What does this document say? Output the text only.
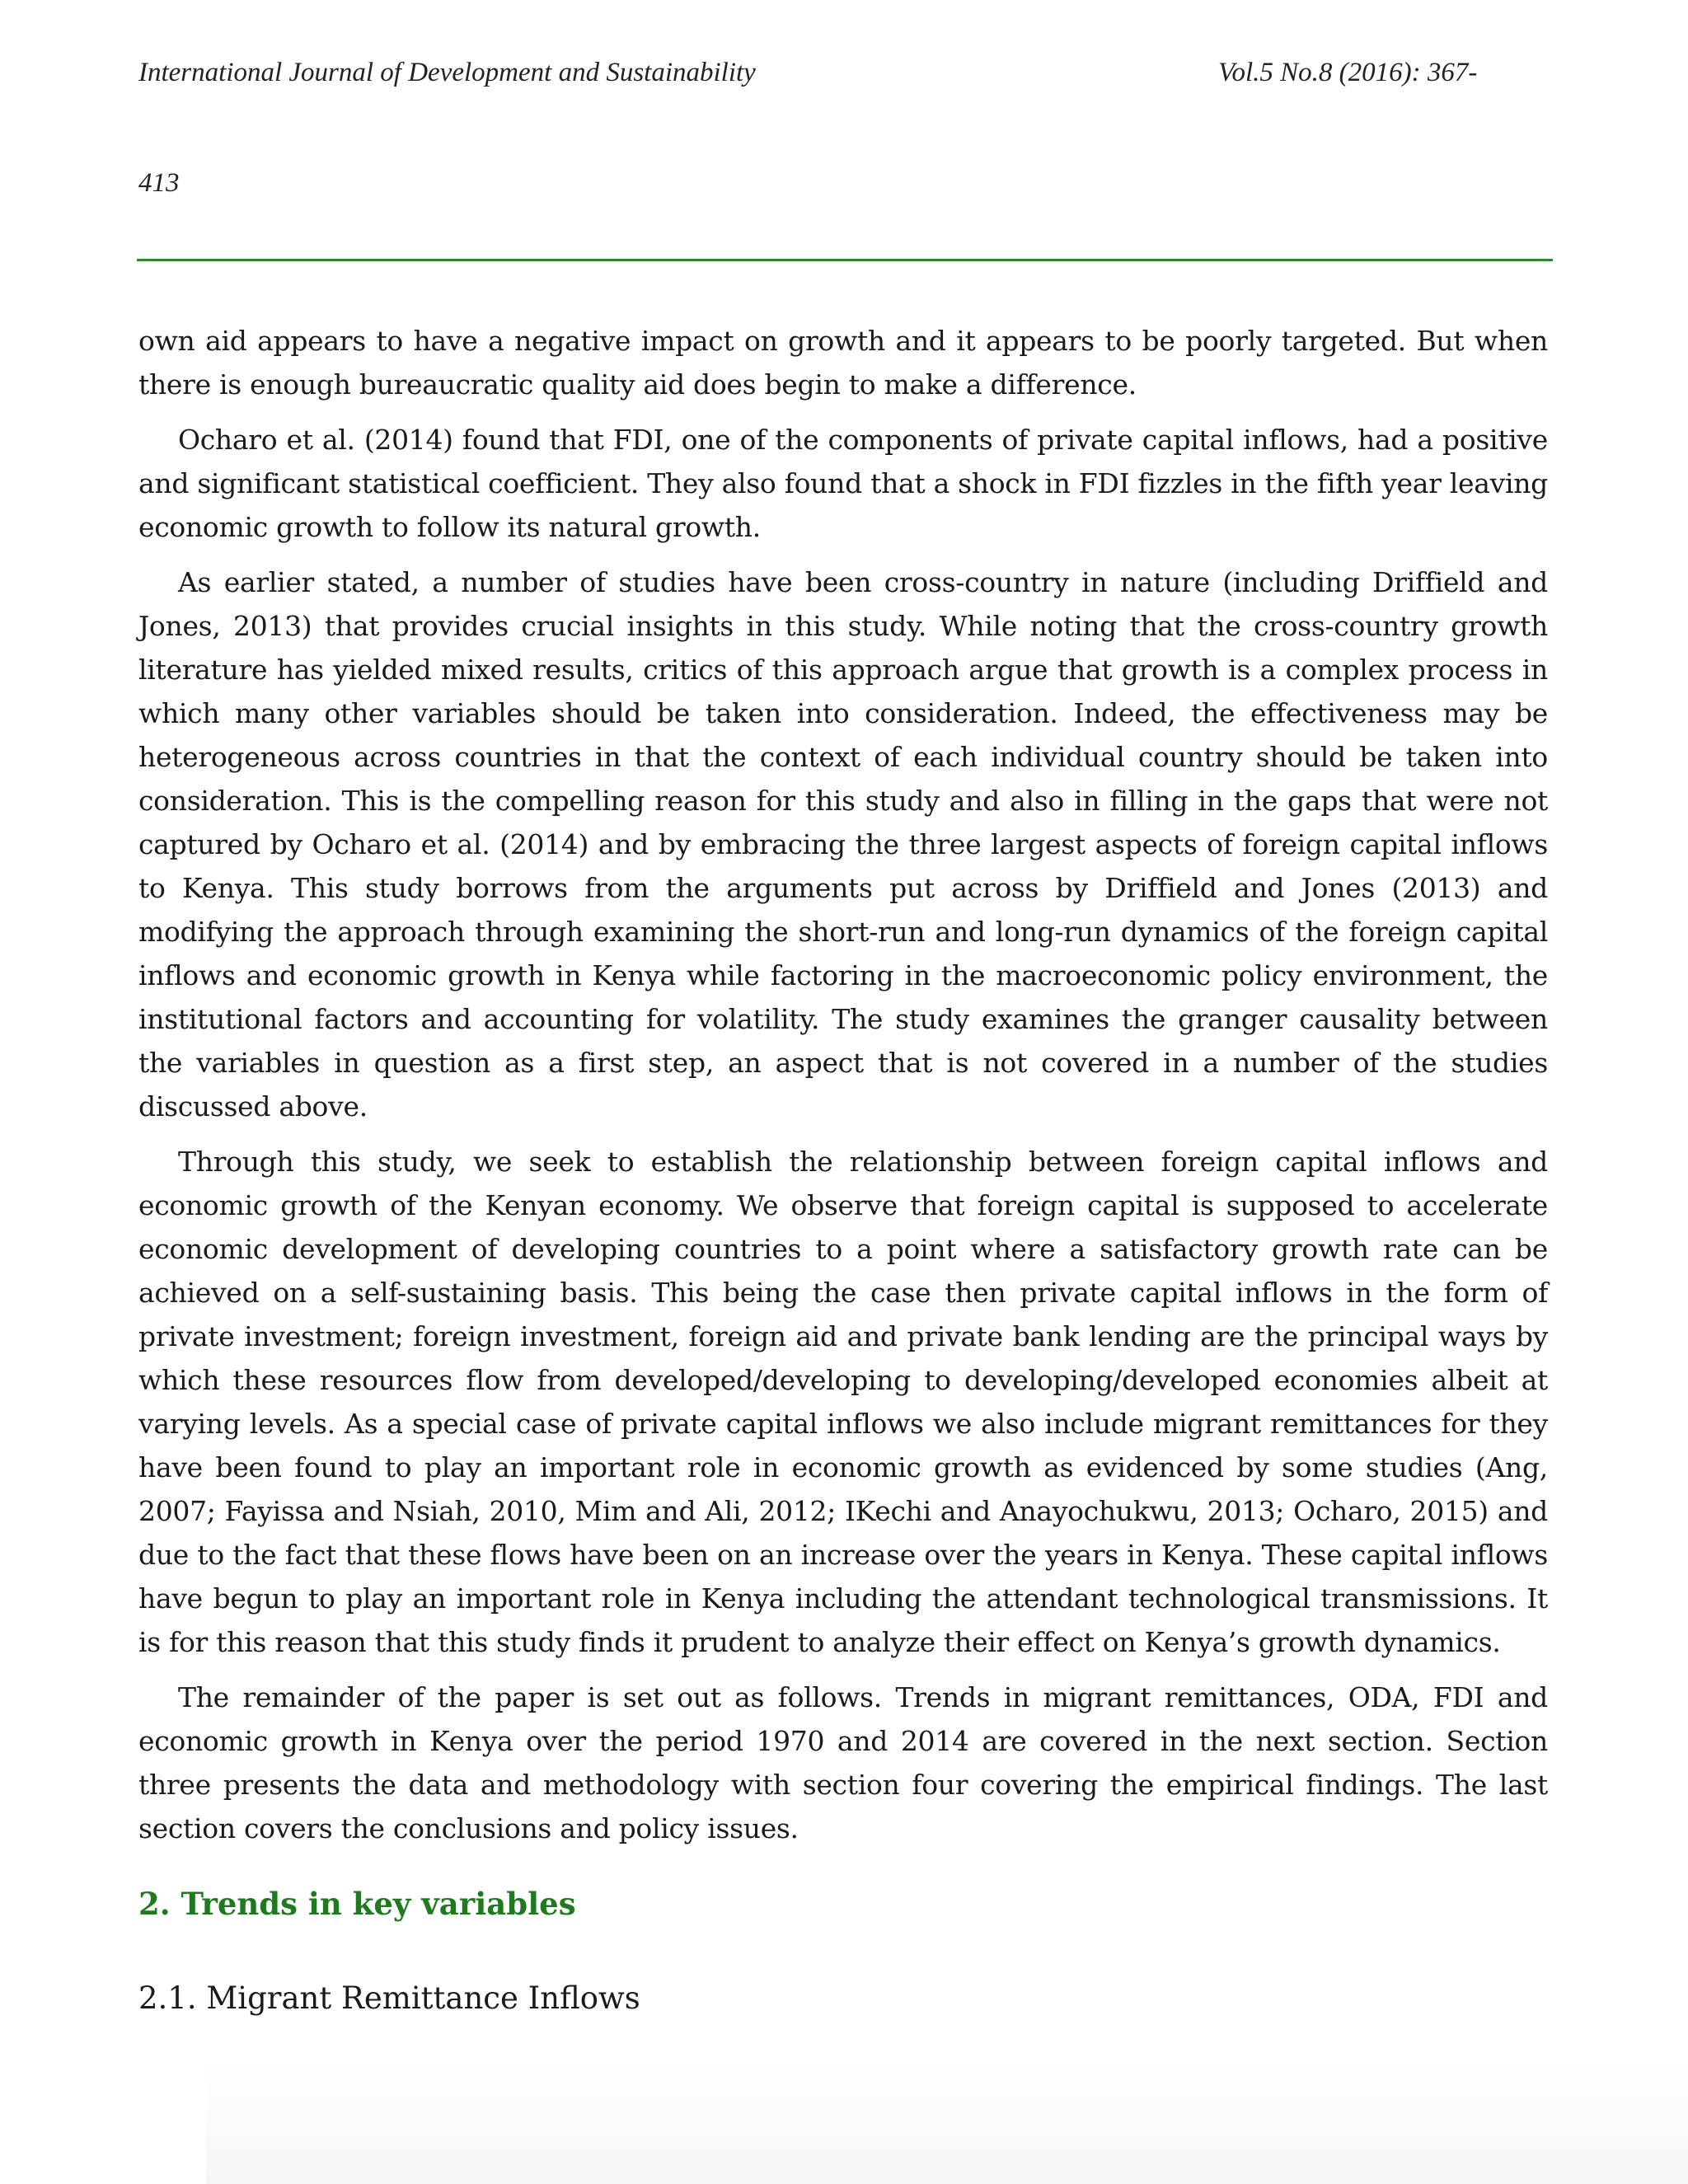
International Journal of Development and Sustainability	Vol.5 No.8 (2016): 367-
413

own aid appears to have a negative impact on growth and it appears to be poorly targeted. But when there is enough bureaucratic quality aid does begin to make a difference.

Ocharo et al. (2014) found that FDI, one of the components of private capital inflows, had a positive and significant statistical coefficient. They also found that a shock in FDI fizzles in the fifth year leaving economic growth to follow its natural growth.

As earlier stated, a number of studies have been cross-country in nature (including Driffield and Jones, 2013) that provides crucial insights in this study. While noting that the cross-country growth literature has yielded mixed results, critics of this approach argue that growth is a complex process in which many other variables should be taken into consideration. Indeed, the effectiveness may be heterogeneous across countries in that the context of each individual country should be taken into consideration. This is the compelling reason for this study and also in filling in the gaps that were not captured by Ocharo et al. (2014) and by embracing the three largest aspects of foreign capital inflows to Kenya. This study borrows from the arguments put across by Driffield and Jones (2013) and modifying the approach through examining the short-run and long-run dynamics of the foreign capital inflows and economic growth in Kenya while factoring in the macroeconomic policy environment, the institutional factors and accounting for volatility. The study examines the granger causality between the variables in question as a first step, an aspect that is not covered in a number of the studies discussed above.

Through this study, we seek to establish the relationship between foreign capital inflows and economic growth of the Kenyan economy. We observe that foreign capital is supposed to accelerate economic development of developing countries to a point where a satisfactory growth rate can be achieved on a self-sustaining basis. This being the case then private capital inflows in the form of private investment; foreign investment, foreign aid and private bank lending are the principal ways by which these resources flow from developed/developing to developing/developed economies albeit at varying levels. As a special case of private capital inflows we also include migrant remittances for they have been found to play an important role in economic growth as evidenced by some studies (Ang, 2007; Fayissa and Nsiah, 2010, Mim and Ali, 2012; IKechi and Anayochukwu, 2013; Ocharo, 2015) and due to the fact that these flows have been on an increase over the years in Kenya. These capital inflows have begun to play an important role in Kenya including the attendant technological transmissions. It is for this reason that this study finds it prudent to analyze their effect on Kenya’s growth dynamics.

The remainder of the paper is set out as follows. Trends in migrant remittances, ODA, FDI and economic growth in Kenya over the period 1970 and 2014 are covered in the next section. Section three presents the data and methodology with section four covering the empirical findings. The last section covers the conclusions and policy issues.

2. Trends in key variables
2.1. Migrant Remittance Inflows
